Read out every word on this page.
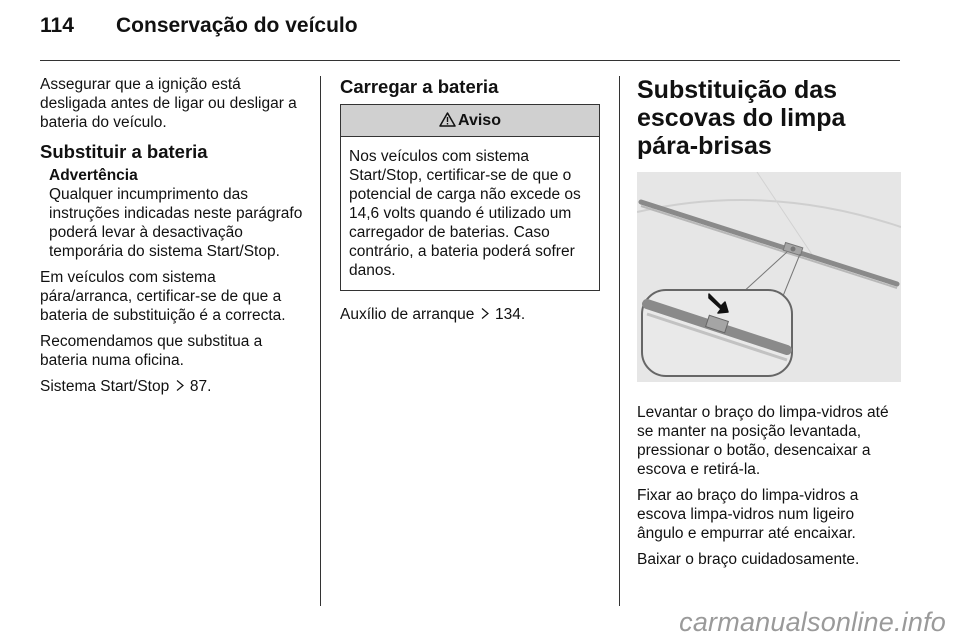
114 Conservação do veículo

Assegurar que a ignição está desligada antes de ligar ou desligar a bateria do veículo.

Substituir a bateria
Advertência
Qualquer incumprimento das instruções indicadas neste parágrafo poderá levar à desactivação temporária do sistema Start/Stop.

Em veículos com sistema pára/arranca, certificar-se de que a bateria de substituição é a correcta.

Recomendamos que substitua a bateria numa oficina.

Sistema Start/Stop 87.

Carregar a bateria
Aviso
Nos veículos com sistema Start/Stop, certificar-se de que o potencial de carga não excede os 14,6 volts quando é utilizado um carregador de baterias. Caso contrário, a bateria poderá sofrer danos.

Auxílio de arranque 134.

Substituição das escovas do limpa pára-brisas

Levantar o braço do limpa-vidros até se manter na posição levantada, pressionar o botão, desencaixar a escova e retirá-la.

Fixar ao braço do limpa-vidros a escova limpa-vidros num ligeiro ângulo e empurrar até encaixar.

Baixar o braço cuidadosamente.

carmanualsonline.info
